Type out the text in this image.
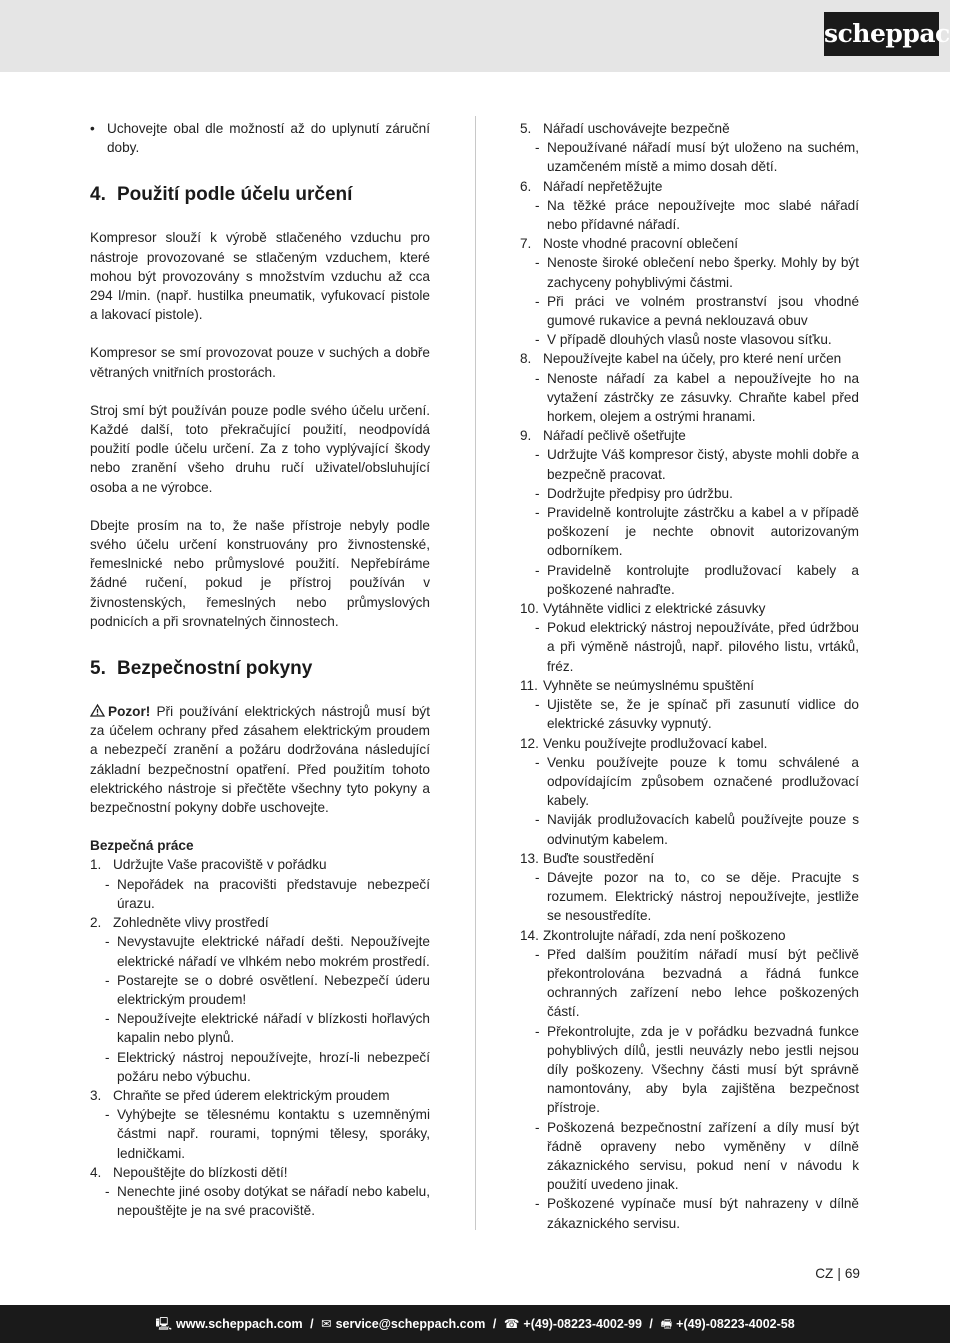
scheppach
• Uchovejte obal dle možností až do uplynutí záruční doby.
4. Použití podle účelu určení

Kompresor slouží k výrobě stlačeného vzduchu pro nástroje provozované se stlačeným vzduchem, které mohou být provozovány s množstvím vzduchu až cca 294 l/min. (např. hustilka pneumatik, vyfukovací pistole a lakovací pistole).

Kompresor se smí provozovat pouze v suchých a dobře větraných vnitřních prostorách.

Stroj smí být používán pouze podle svého účelu určení. Každé další, toto překračující použití, neodpovídá použití podle účelu určení. Za z toho vyplývající škody nebo zranění všeho druhu ručí uživatel/obsluhující osoba a ne výrobce.

Dbejte prosím na to, že naše přístroje nebyly podle svého účelu určení konstruovány pro živnostenské, řemeslnické nebo průmyslové použití. Nepřebíráme žádné ručení, pokud je přístroj používán v živnostenských, řemeslných nebo průmyslových podnicích a při srovnatelných činnostech.

5. Bezpečnostní pokyny

Pozor! Při používání elektrických nástrojů musí být za účelem ochrany před zásahem elektrickým proudem a nebezpečí zranění a požáru dodržována následující základní bezpečnostní opatření. Před použitím tohoto elektrického nástroje si přečtěte všechny tyto pokyny a bezpečnostní pokyny dobře uschovejte.

Bezpečná práce
1. Udržujte Vaše pracoviště v pořádku
- Nepořádek na pracovišti představuje nebezpečí úrazu.
2. Zohledněte vlivy prostředí
- Nevystavujte elektrické nářadí dešti. Nepoužívejte elektrické nářadí ve vlhkém nebo mokrém prostředí.
- Postarejte se o dobré osvětlení. Nebezpečí úderu elektrickým proudem!
- Nepoužívejte elektrické nářadí v blízkosti hořlavých kapalin nebo plynů.
- Elektrický nástroj nepoužívejte, hrozí-li nebezpečí požáru nebo výbuchu.
3. Chraňte se před úderem elektrickým proudem
- Vyhýbejte se tělesnému kontaktu s uzemněnými částmi např. rourami, topnými tělesy, sporáky, ledničkami.
4. Nepouštějte do blízkosti dětí!
- Nenechte jiné osoby dotýkat se nářadí nebo kabelu, nepouštějte je na své pracoviště.
5. Nářadí uschovávejte bezpečně
- Nepoužívané nářadí musí být uloženo na suchém, uzamčeném místě a mimo dosah dětí.
6. Nářadí nepřetěžujte
- Na těžké práce nepoužívejte moc slabé nářadí nebo přídavné nářadí.
7. Noste vhodné pracovní oblečení
- Nenoste široké oblečení nebo šperky. Mohly by být zachyceny pohyblivými částmi.
- Při práci ve volném prostranství jsou vhodné gumové rukavice a pevná neklouzavá obuv
- V případě dlouhých vlasů noste vlasovou síťku.
8. Nepoužívejte kabel na účely, pro které není určen
- Nenoste nářadí za kabel a nepoužívejte ho na vytažení zástrčky ze zásuvky. Chraňte kabel před horkem, olejem a ostrými hranami.
9. Nářadí pečlivě ošetřujte
- Udržujte Váš kompresor čistý, abyste mohli dobře a bezpečně pracovat.
- Dodržujte předpisy pro údržbu.
- Pravidelně kontrolujte zástrčku a kabel a v případě poškození je nechte obnovit autorizovaným odborníkem.
- Pravidelně kontrolujte prodlužovací kabely a poškozené nahraďte.
10. Vytáhněte vidlici z elektrické zásuvky
- Pokud elektrický nástroj nepoužíváte, před údržbou a při výměně nástrojů, např. pilového listu, vrtáků, fréz.
11. Vyhněte se neúmyslnému spuštění
- Ujistěte se, že je spínač při zasunutí vidlice do elektrické zásuvky vypnutý.
12. Venku používejte prodlužovací kabel.
- Venku používejte pouze k tomu schválené a odpovídajícím způsobem označené prodlužovací kabely.
- Naviják prodlužovacích kabelů používejte pouze s odvinutým kabelem.
13. Buďte soustředění
- Dávejte pozor na to, co se děje. Pracujte s rozumem. Elektrický nástroj nepoužívejte, jestliže se nesoustředíte.
14. Zkontrolujte nářadí, zda není poškozeno
- Před dalším použitím nářadí musí být pečlivě překontrolována bezvadná a řádná funkce ochranných zařízení nebo lehce poškozených částí.
- Překontrolujte, zda je v pořádku bezvadná funkce pohyblivých dílů, jestli neuvázly nebo jestli nejsou díly poškozeny. Všechny části musí být správně namontovány, aby byla zajištěna bezpečnost přístroje.
- Poškozená bezpečnostní zařízení a díly musí být řádně opraveny nebo vyměněny v dílně zákaznického servisu, pokud není v návodu k použití uvedeno jinak.
- Poškozené vypínače musí být nahrazeny v dílně zákaznického servisu.
CZ | 69
🖳 www.scheppach.com / ✉ service@scheppach.com / ☎ +(49)-08223-4002-99 / 🖷 +(49)-08223-4002-58
